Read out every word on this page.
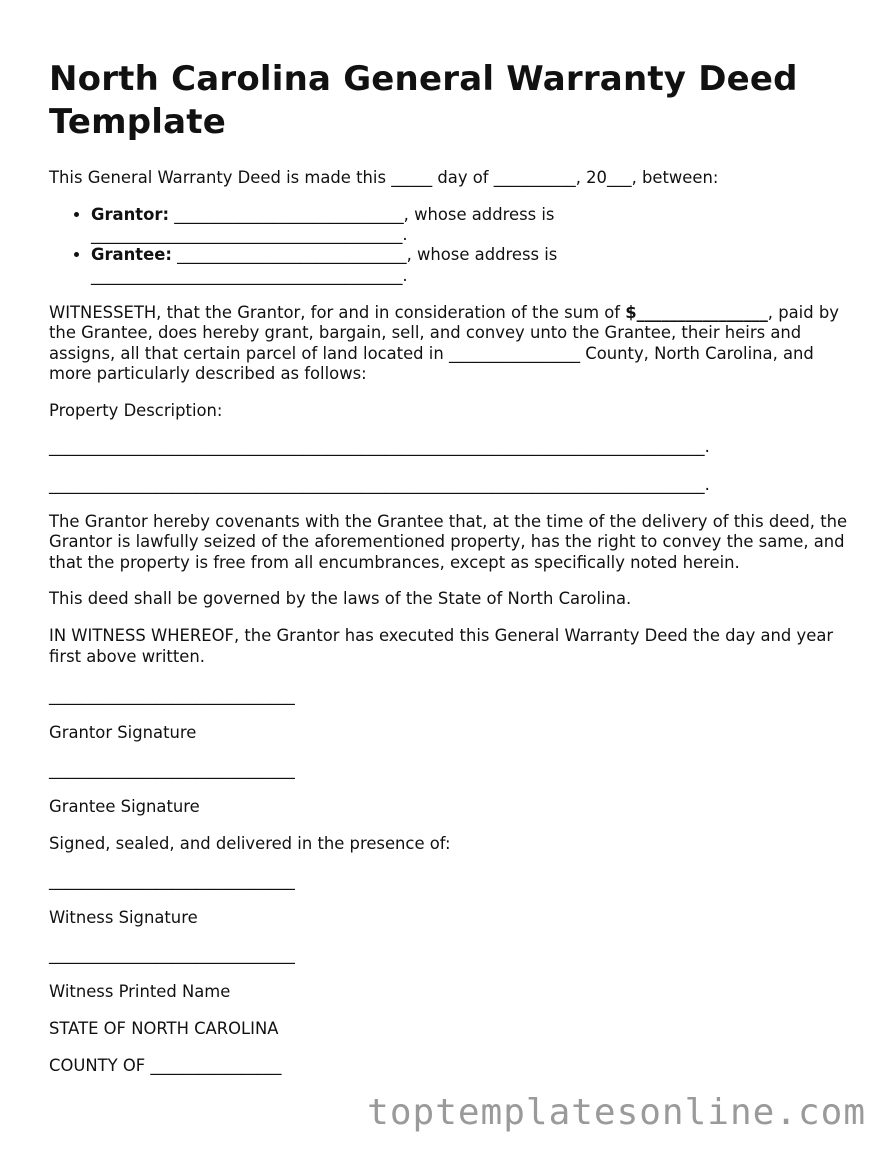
North Carolina General Warranty Deed Template

This General Warranty Deed is made this _____ day of __________, 20___, between:

• Grantor: ____________________________, whose address is ______________________________________.
• Grantee: ____________________________, whose address is ______________________________________.

WITNESSETH, that the Grantor, for and in consideration of the sum of $________________, paid by the Grantee, does hereby grant, bargain, sell, and convey unto the Grantee, their heirs and assigns, all that certain parcel of land located in ________________ County, North Carolina, and more particularly described as follows:

Property Description:

________________________________________________________________________________.
________________________________________________________________________________.

The Grantor hereby covenants with the Grantee that, at the time of the delivery of this deed, the Grantor is lawfully seized of the aforementioned property, has the right to convey the same, and that the property is free from all encumbrances, except as specifically noted herein.

This deed shall be governed by the laws of the State of North Carolina.

IN WITNESS WHEREOF, the Grantor has executed this General Warranty Deed the day and year first above written.

______________________________

Grantor Signature

______________________________

Grantee Signature

Signed, sealed, and delivered in the presence of:

______________________________

Witness Signature

______________________________

Witness Printed Name

STATE OF NORTH CAROLINA

COUNTY OF ________________

toptemplatesonline.com
